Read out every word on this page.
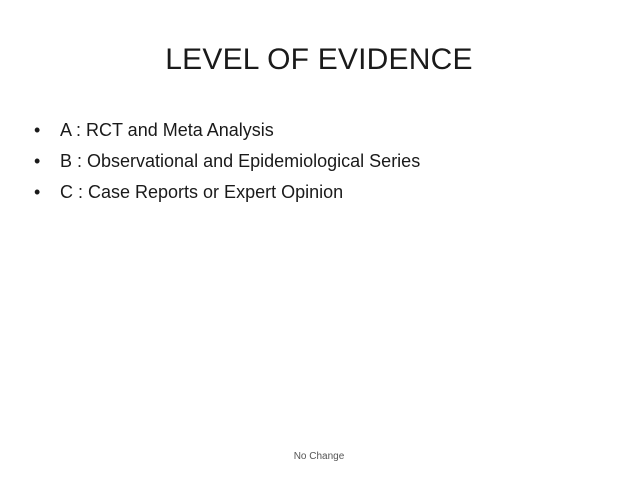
LEVEL OF EVIDENCE
•	A : RCT and Meta Analysis
•	B : Observational and Epidemiological Series
•	C : Case Reports or Expert Opinion
No Change
